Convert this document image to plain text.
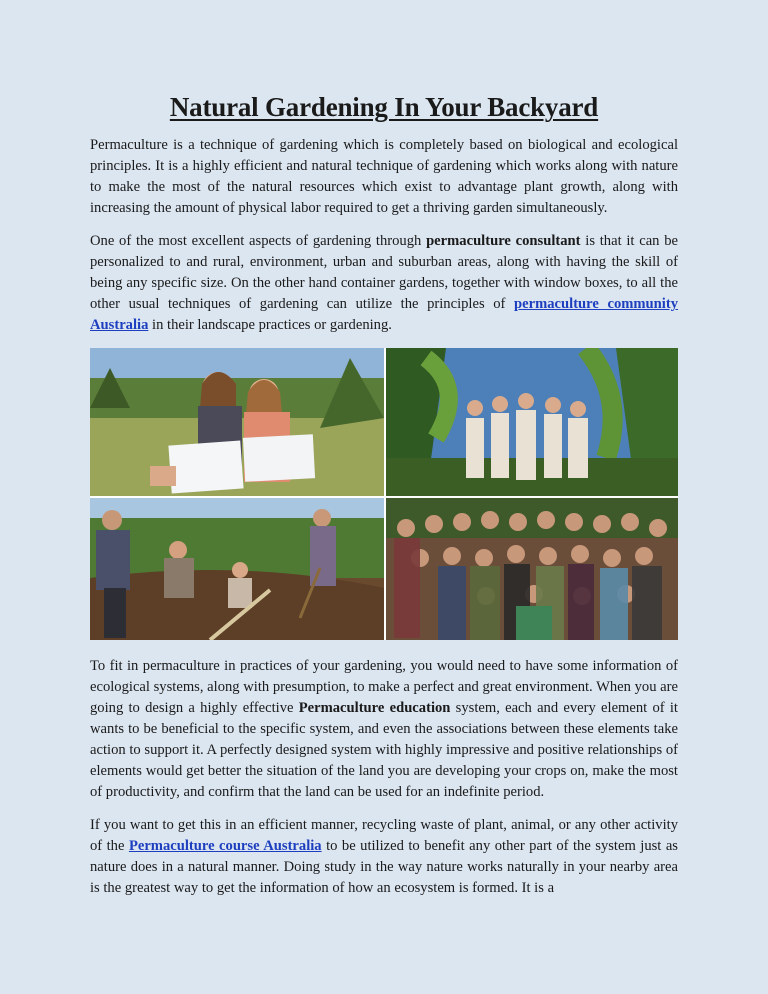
Natural Gardening In Your Backyard

Permaculture is a technique of gardening which is completely based on biological and ecological principles. It is a highly efficient and natural technique of gardening which works along with nature to make the most of the natural resources which exist to advantage plant growth, along with increasing the amount of physical labor required to get a thriving garden simultaneously.

One of the most excellent aspects of gardening through permaculture consultant is that it can be personalized to and rural, environment, urban and suburban areas, along with having the skill of being any specific size. On the other hand container gardens, together with window boxes, to all the other usual techniques of gardening can utilize the principles of permaculture community Australia in their landscape practices or gardening.

To fit in permaculture in practices of your gardening, you would need to have some information of ecological systems, along with presumption, to make a perfect and great environment. When you are going to design a highly effective Permaculture education system, each and every element of it wants to be beneficial to the specific system, and even the associations between these elements take action to support it. A perfectly designed system with highly impressive and positive relationships of elements would get better the situation of the land you are developing your crops on, make the most of productivity, and confirm that the land can be used for an indefinite period.

If you want to get this in an efficient manner, recycling waste of plant, animal, or any other activity of the Permaculture course Australia to be utilized to benefit any other part of the system just as nature does in a natural manner. Doing study in the way nature works naturally in your nearby area is the greatest way to get the information of how an ecosystem is formed. It is a
